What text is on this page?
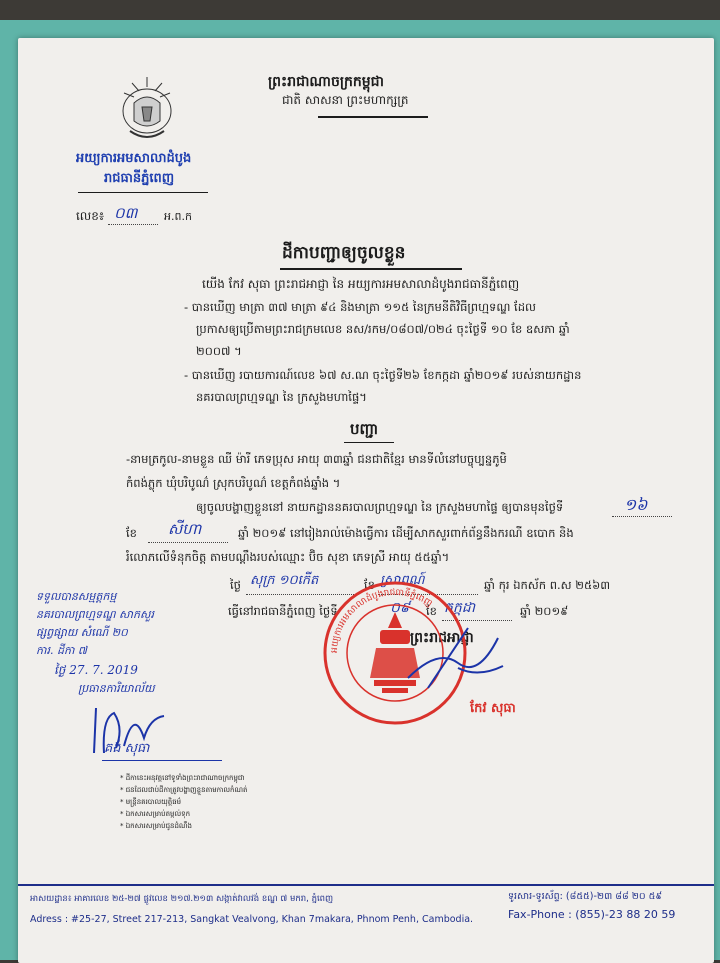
ព្រះរាជាណាចក្រកម្ពុជា
ជាតិ សាសនា ព្រះមហាក្សត្រ
អយ្យការអមសាលាដំបូង
រាជធានីភ្នំពេញ
លេខ៖ ០៣ អ.ព.ក
ដីកាបញ្ជាឲ្យចូលខ្លួន
យើង កែវ សុធា ព្រះរាជអាជ្ញា នៃ អយ្យការអមសាលាដំបូងរាជធានីភ្នំពេញ
- បានឃើញ មាត្រា ៣៧ មាត្រា ៩៤ និងមាត្រា ១១៥ នៃក្រមនីតិវិធីព្រហ្មទណ្ឌ ដែល
ប្រកាសឲ្យប្រើតាមព្រះរាជក្រមលេខ នស/រកម/០៨០៧/០២៤ ចុះថ្ងៃទី ១០ ខែ ឧសភា ឆ្នាំ
២០០៧ ។
- បានឃើញ របាយការណ៍លេខ ៦៧ ស.ណ ចុះថ្ងៃទី២៦ ខែកក្កដា ឆ្នាំ២០១៩ របស់នាយកដ្ឋាន
នគរបាលព្រហ្មទណ្ឌ នៃ ក្រសួងមហាផ្ទៃ។
បញ្ជា
-នាមត្រកូល-នាមខ្លួន ឈី ម៉ារី ភេទប្រុស អាយុ ៣៣ឆ្នាំ ជនជាតិខ្មែរ មានទីលំនៅបច្ចុប្បន្នភូមិ
កំពង់ភ្លុក ឃុំបរិបូណ៌ ស្រុកបរិបូណ៌ ខេត្តកំពង់ឆ្នាំង ។
ឲ្យចូលបង្ហាញខ្លួននៅ នាយកដ្ឋាននគរបាលព្រហ្មទណ្ឌ នៃ ក្រសួងមហាផ្ទៃ ឲ្យបានមុនថ្ងៃទី	១៦
ខែ សីហា	ឆ្នាំ ២០១៩ នៅរៀងរាល់ម៉ោងធ្វើការ ដើម្បីសាកសួរពាក់ព័ន្ធនឹងករណី ឧបោក និង
រំលោភលើទំនុកចិត្ត តាមបណ្តឹងរបស់ឈ្មោះ ប៊ិច សុខា ភេទស្រី អាយុ ៥៥ឆ្នាំ។
ថ្ងៃ សុក្រ ១០កើត	ខែ ស្រាពណ៍	ឆ្នាំ កុរ ឯកស័ក ព.ស ២៥៦៣
ធ្វើនៅរាជធានីភ្នំពេញ ថ្ងៃទី	០៩ ខែ កក្កដា	ឆ្នាំ ២០១៩
ព្រះរាជអាជ្ញា
អយ្យការអមសាលាដំបូងរាជធានីភ្នំពេញ
កែវ សុធា
ទទួលបានសម្មត្តកម្ម
នគរបាលព្រហ្មទណ្ឌ សាកសួរ
ផ្សព្វផ្សាយ សំណើ ២០
ការ. ដីកា ៧
ថ្ងៃ 27. 7. 2019
ប្រធានការិយាល័យ
គង់ សុធា
* ដីកានេះអនុវត្តនៅទូទាំងព្រះរាជាណាចក្រកម្ពុជា
* ជនដែលជាប់ដីកាត្រូវបង្ហាញខ្លួនតាមកាលកំណត់
* មន្ត្រីនគរបាលយុត្តិធម៌
* ឯកសារសម្រាប់តម្កល់ទុក
* ឯកសារសម្រាប់ជូនដំណឹង
អាសយដ្ឋាន៖ អាគារលេខ ២៥-២៧ ផ្លូវលេខ ២១៧.២១៣ សង្កាត់វាលវង់ ខណ្ឌ ៧ មករា, ភ្នំពេញ
Adress : #25-27, Street 217-213, Sangkat Vealvong, Khan 7makara, Phnom Penh, Cambodia.
ទូរសារ-ទូរស័ព្ទ: (៨៥៥)-២៣ ៨៨ ២០ ៥៩
Fax-Phone : (855)-23 88 20 59
